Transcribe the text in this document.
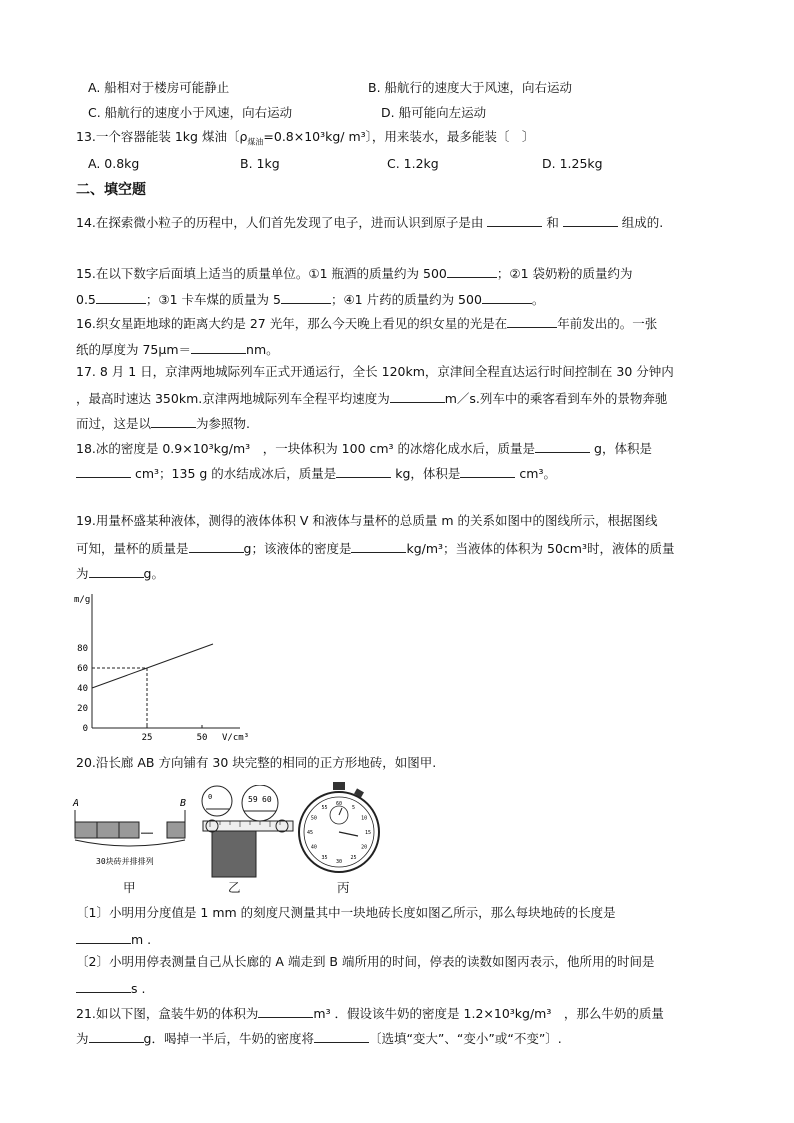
A. 船相对于楼房可能静止	B. 船航行的速度大于风速，向右运动
C. 船航行的速度小于风速，向右运动	D. 船可能向左运动
13.一个容器能装 1kg 煤油〔$\rho_{煤油}=0.8\times 10^3kg/$ m³〕，用来装水，最多能装〔　〕
A. 0.8kg	B. 1kg	C. 1.2kg	D. 1.25kg
二、填空题
14.在探索微小粒子的历程中，人们首先发现了电子，进而认识到原子是由	和	组成的.
15.在以下数字后面填上适当的质量单位。①1 瓶酒的质量约为 500	；②1 袋奶粉的质量约为
0.5	；③1 卡车煤的质量为 5	；④1 片药的质量约为 500	。
16.织女星距地球的距离大约是 27 光年，那么今天晚上看见的织女星的光是在	年前发出的。一张
纸的厚度为 75μm＝	nm。
17. 8 月 1 日，京津两地城际列车正式开通运行，全长 120km，京津间全程直达运行时间控制在 30 分钟内
，最高时速达 350km.京津两地城际列车全程平均速度为	m／s.列车中的乘客看到车外的景物奔驰
而过，这是以	为参照物.
18.冰的密度是 0.9×10³kg/m³　，一块体积为 100 cm³ 的冰熔化成水后，质量是	g，体积是
cm³；135 g 的水结成冰后，质量是	kg，体积是	cm³。
19.用量杯盛某种液体，测得的液体体积 V 和液体与量杯的总质量 m 的关系如图中的图线所示，根据图线
可知，量杯的质量是	g；该液体的密度是	kg/m³；当液体的体积为 50cm³时，液体的质量
为	g。
m/g
V/cm³
0
20
40
60
80
25	50
20.沿长廊 AB 方向铺有 30 块完整的相同的正方形地砖，如图甲.
A	B
……
30块砖并排排列
甲
0	59 60
乙
60
5
10
15
20
25
30
35
40
45
50
55
丙
〔1〕小明用分度值是 1 mm 的刻度尺测量其中一块地砖长度如图乙所示，那么每块地砖的长度是
m .
〔2〕小明用停表测量自己从长廊的 A 端走到 B 端所用的时间，停表的读数如图丙表示，他所用的时间是
s .
21.如以下图，盒装牛奶的体积为	m³ ．假设该牛奶的密度是 1.2×10³kg/m³　，那么牛奶的质量
为	g．喝掉一半后，牛奶的密度将	〔选填“变大”、“变小”或“不变”〕.
